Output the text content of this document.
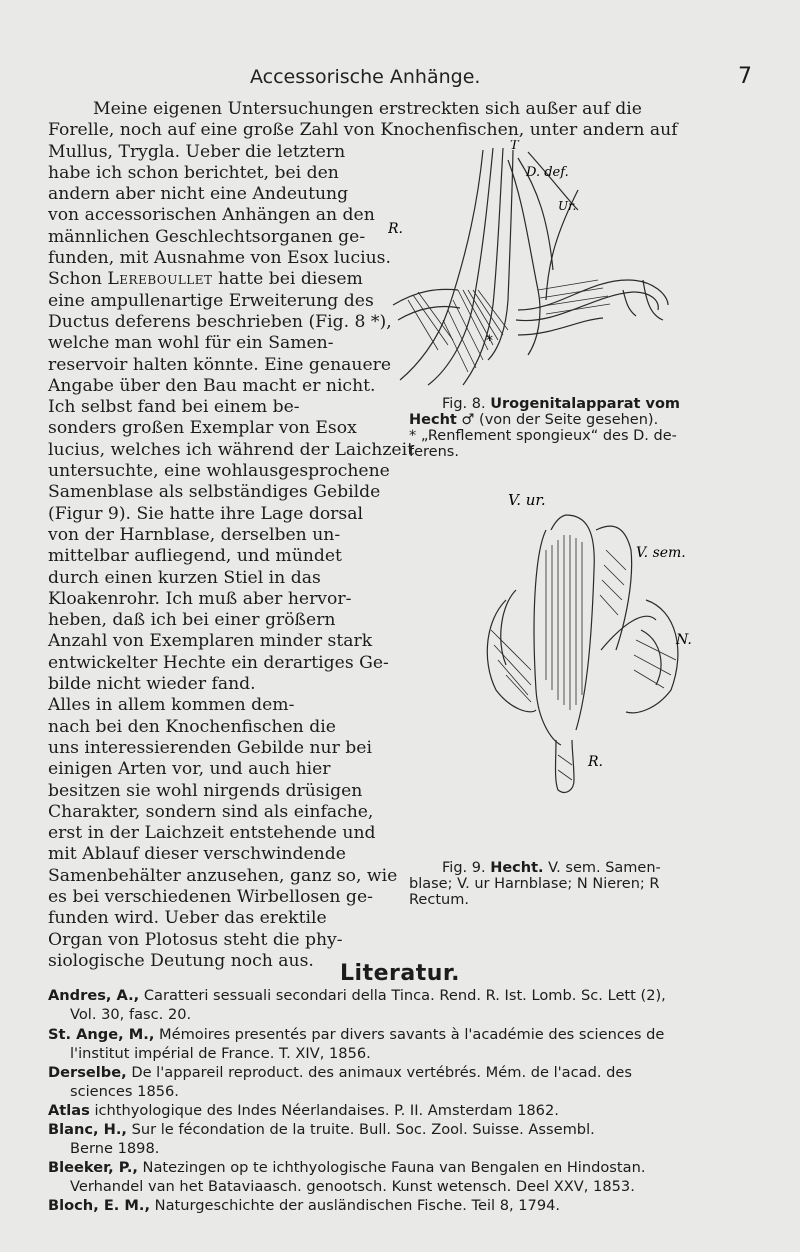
Accessorische Anhänge.	7
Meine eigenen Untersuchungen erstreckten sich außer auf die
Forelle, noch auf eine große Zahl von Knochenfischen, unter andern auf
Mullus, Trygla. Ueber die letztern
habe ich schon berichtet, bei den
andern aber nicht eine Andeutung
von accessorischen Anhängen an den
männlichen Geschlechtsorganen ge-
funden, mit Ausnahme von Esox lucius.
Schon Lereboullet hatte bei diesem
eine ampullenartige Erweiterung des
Ductus deferens beschrieben (Fig. 8 *),
welche man wohl für ein Samen-
reservoir halten könnte. Eine genauere
Angabe über den Bau macht er nicht.
Ich selbst fand bei einem be-
sonders großen Exemplar von Esox
lucius, welches ich während der Laichzeit
untersuchte, eine wohlausgesprochene
Samenblase als selbständiges Gebilde
(Figur 9). Sie hatte ihre Lage dorsal
von der Harnblase, derselben un-
mittelbar aufliegend, und mündet
durch einen kurzen Stiel in das
Kloakenrohr. Ich muß aber hervor-
heben, daß ich bei einer größern
Anzahl von Exemplaren minder stark
entwickelter Hechte ein derartiges Ge-
bilde nicht wieder fand.
Alles in allem kommen dem-
nach bei den Knochenfischen die
uns interessierenden Gebilde nur bei
einigen Arten vor, und auch hier
besitzen sie wohl nirgends drüsigen
Charakter, sondern sind als einfache,
erst in der Laichzeit entstehende und
mit Ablauf dieser verschwindende
Samenbehälter anzusehen, ganz so, wie
es bei verschiedenen Wirbellosen ge-
funden wird. Ueber das erektile
Organ von Plotosus steht die phy-
siologische Deutung noch aus.
T
D. def.
Ur.
R.
*
Fig. 8. Urogenitalapparat vom
Hecht ♂ (von der Seite gesehen).
* „Renflement spongieux“ des D. de-
ferens.
V. ur.
V. sem.
N.
R.
Fig. 9. Hecht. V. sem. Samen-
blase; V. ur Harnblase; N Nieren; R
Rectum.
Literatur.
Andres, A., Caratteri sessuali secondari della Tinca. Rend. R. Ist. Lomb. Sc. Lett (2),
Vol. 30, fasc. 20.
St. Ange, M., Mémoires presentés par divers savants à l'académie des sciences de
l'institut impérial de France. T. XIV, 1856.
Derselbe, De l'appareil reproduct. des animaux vertébrés. Mém. de l'acad. des
sciences 1856.
Atlas ichthyologique des Indes Néerlandaises. P. II. Amsterdam 1862.
Blanc, H., Sur le fécondation de la truite. Bull. Soc. Zool. Suisse. Assembl.
Berne 1898.
Bleeker, P., Natezingen op te ichthyologische Fauna van Bengalen en Hindostan.
Verhandel van het Bataviaasch. genootsch. Kunst wetensch. Deel XXV, 1853.
Bloch, E. M., Naturgeschichte der ausländischen Fische. Teil 8, 1794.
